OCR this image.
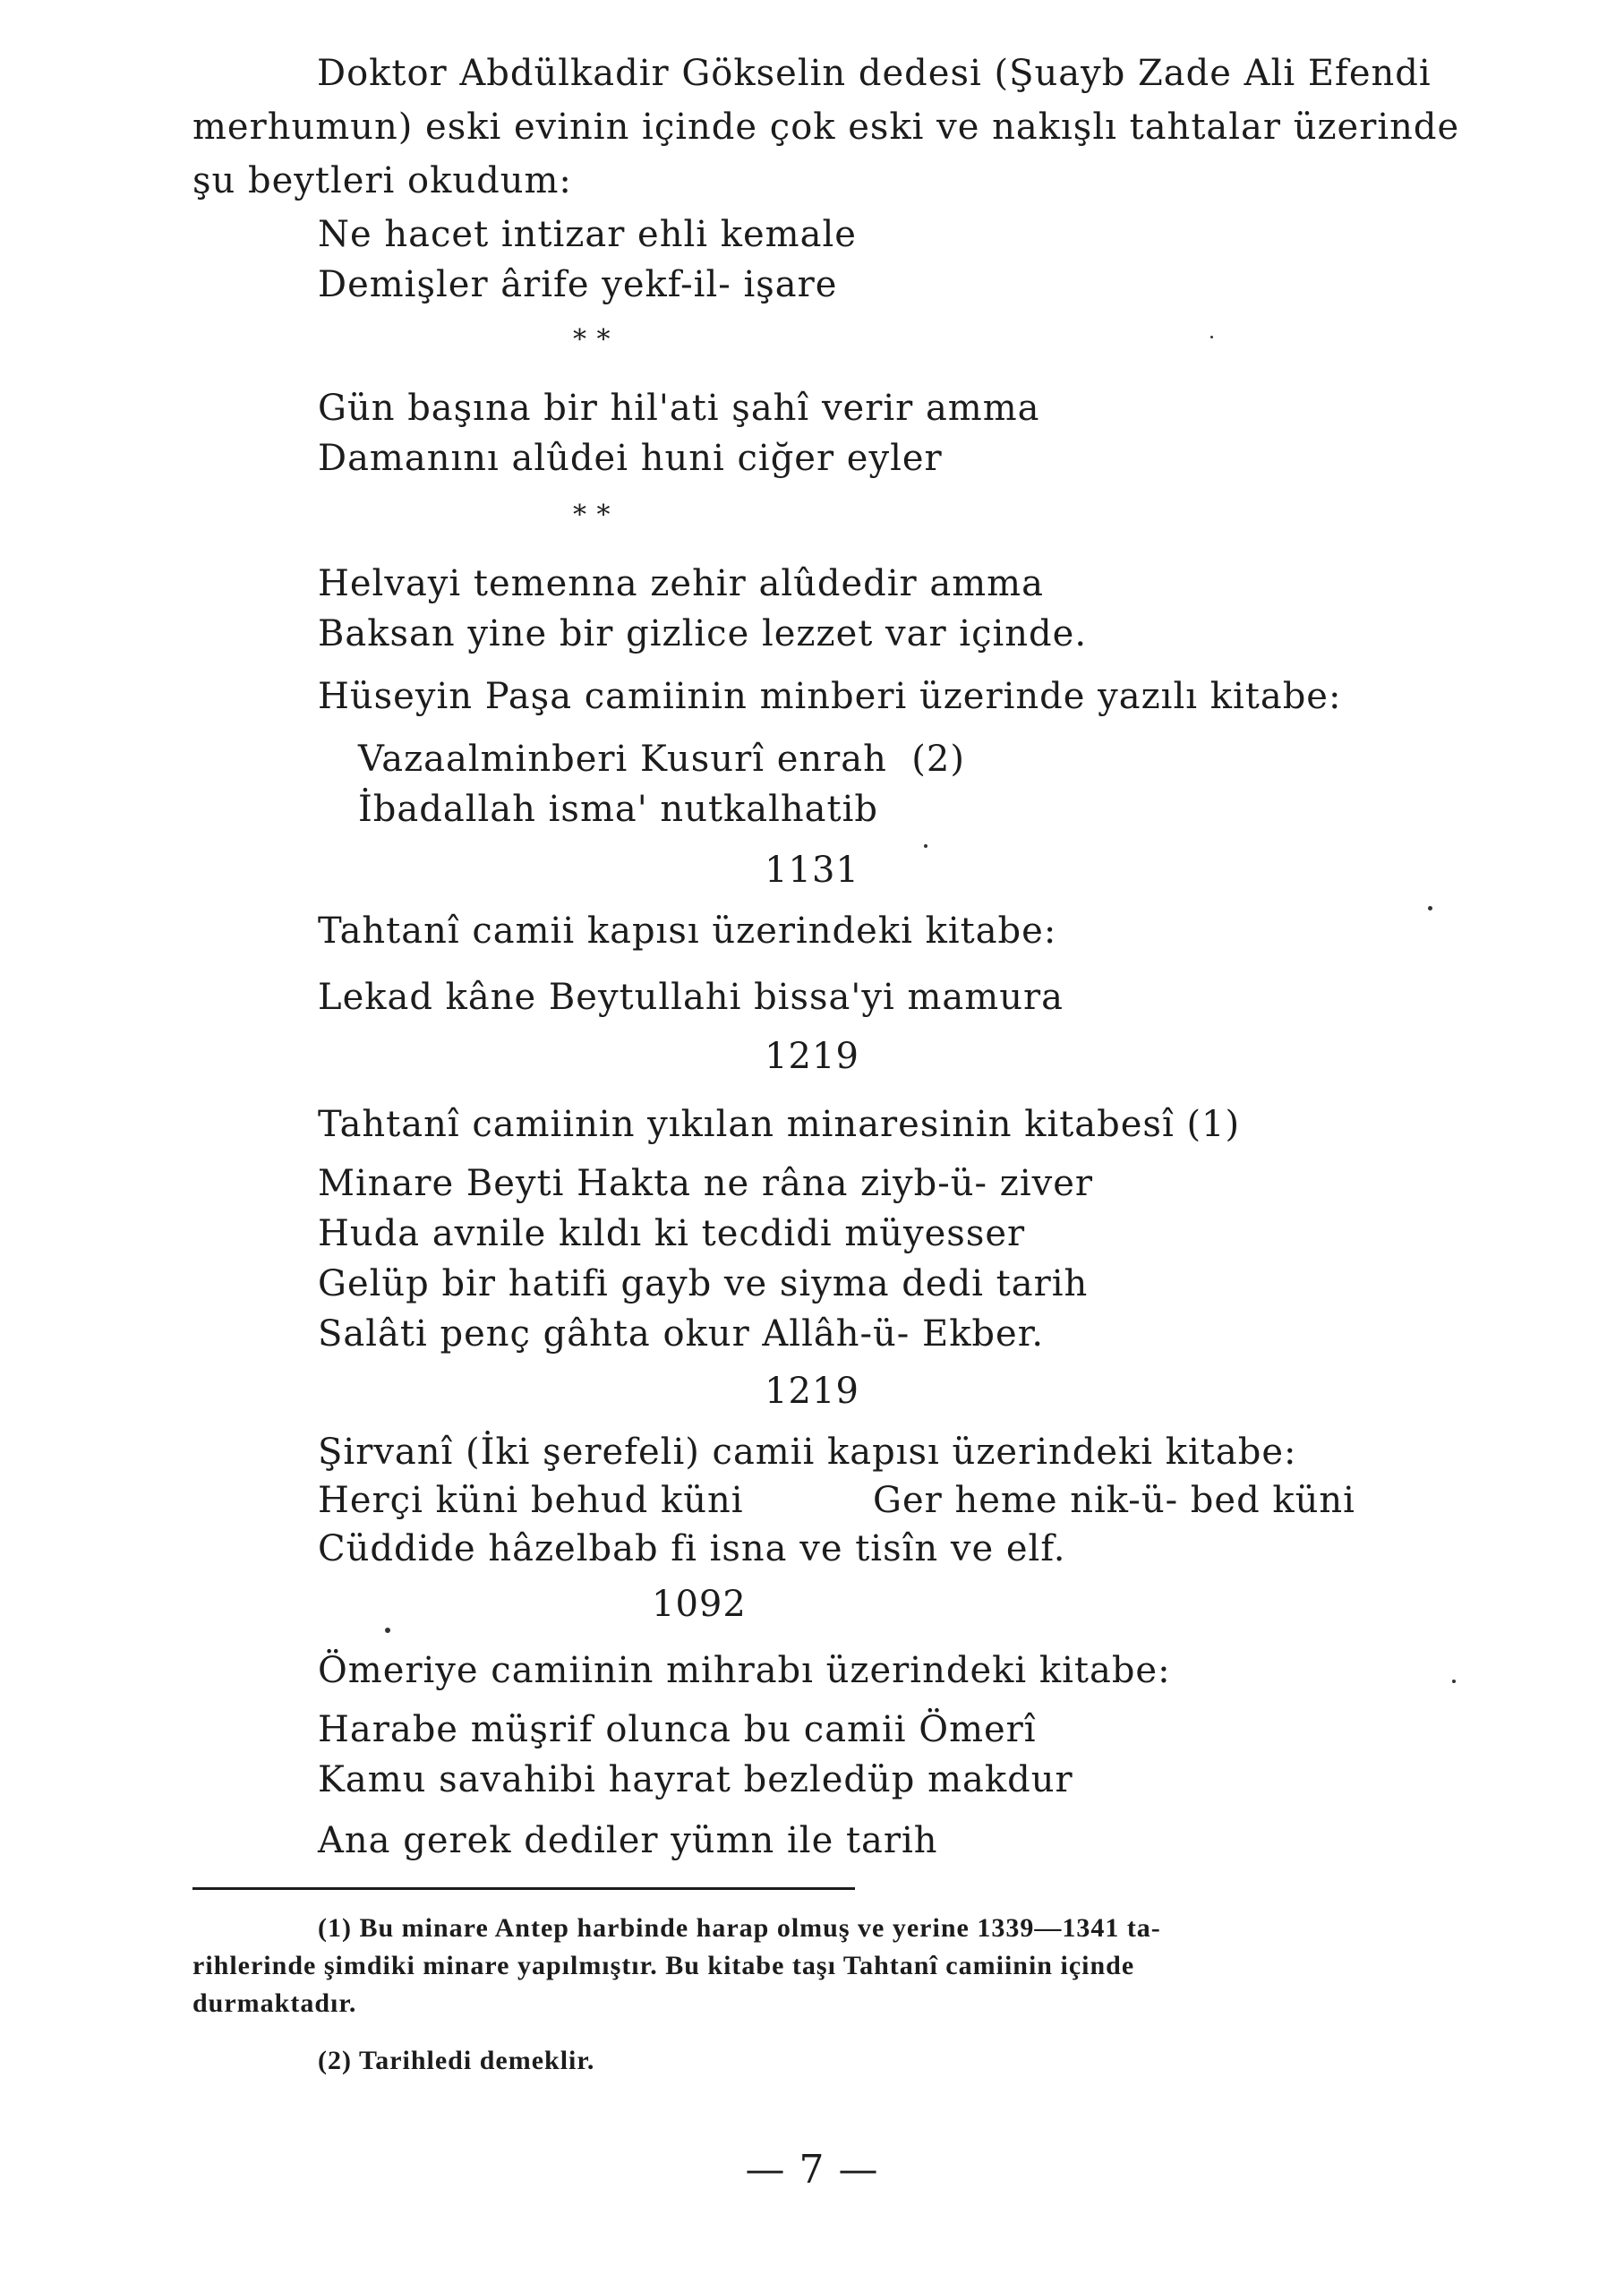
Doktor Abdülkadir Gökselin dedesi (Şuayb Zade Ali Efendi
merhumun) eski evinin içinde çok eski ve nakışlı tahtalar üzerinde
şu beytleri okudum:
Ne hacet intizar ehli kemale
Demişler ârife yekf-il- işare
* *
Gün başına bir hil'ati şahî verir amma
Damanını alûdei huni ciğer eyler
* *
Helvayi temenna zehir alûdedir amma
Baksan yine bir gizlice lezzet var içinde.
Hüseyin Paşa camiinin minberi üzerinde yazılı kitabe:
Vazaalminberi Kusurî enrah  (2)
İbadallah isma' nutkalhatib
1131
Tahtanî camii kapısı üzerindeki kitabe:
Lekad kâne Beytullahi bissa'yi mamura
1219
Tahtanî camiinin yıkılan minaresinin kitabesî (1)
Minare Beyti Hakta ne râna ziyb-ü- ziver
Huda avnile kıldı ki tecdidi müyesser
Gelüp bir hatifi gayb ve siyma dedi tarih
Salâti penç gâhta okur Allâh-ü- Ekber.
1219
Şirvanî (İki şerefeli) camii kapısı üzerindeki kitabe:
Herçi küni behud küni	Ger heme nik-ü- bed küni
Cüddide hâzelbab fi isna ve tisîn ve elf.
1092
Ömeriye camiinin mihrabı üzerindeki kitabe:
Harabe müşrif olunca bu camii Ömerî
Kamu savahibi hayrat bezledüp makdur
Ana gerek dediler yümn ile tarih
(1) Bu minare Antep harbinde harap olmuş ve yerine 1339—1341 ta-
rihlerinde şimdiki minare yapılmıştır. Bu kitabe taşı Tahtanî camiinin içinde
durmaktadır.
(2) Tarihledi demeklir.
— 7 —
